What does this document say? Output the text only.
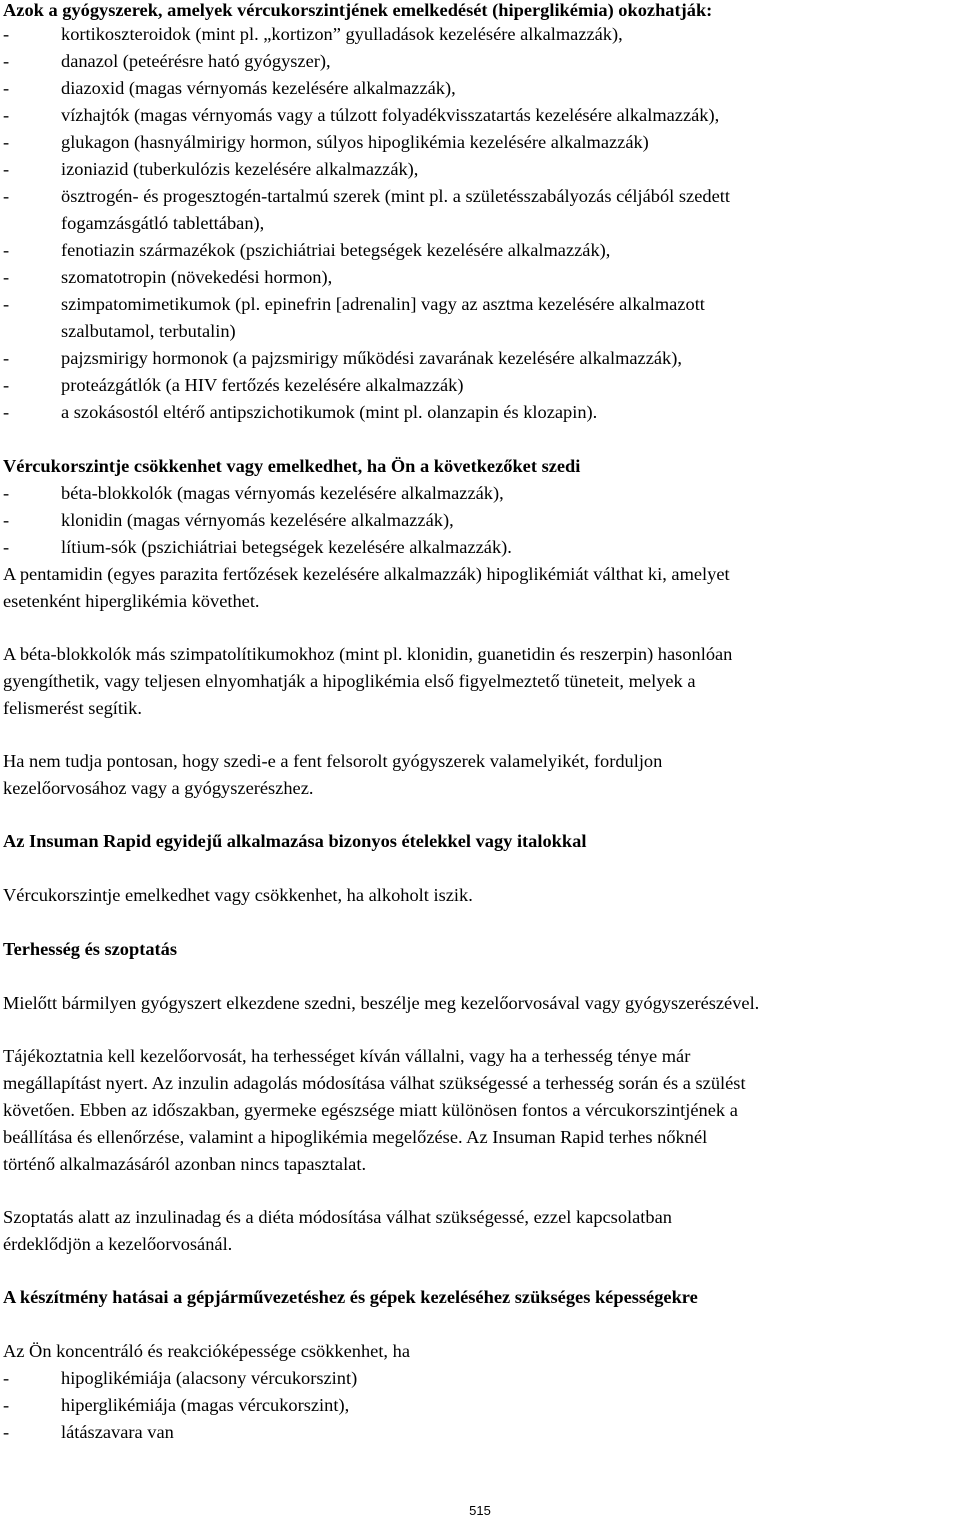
Azok a gyógyszerek, amelyek vércukorszintjének emelkedését (hiperglikémia) okozhatják:
-	kortikoszteroidok (mint pl. „kortizon” gyulladások kezelésére alkalmazzák),
-	danazol (peteérésre ható gyógyszer),
-	diazoxid (magas vérnyomás kezelésére alkalmazzák),
-	vízhajtók (magas vérnyomás vagy a túlzott folyadékvisszatartás kezelésére alkalmazzák),
-	glukagon (hasnyálmirigy hormon, súlyos hipoglikémia kezelésére alkalmazzák)
-	izoniazid (tuberkulózis kezelésére alkalmazzák),
-	ösztrogén- és progesztogén-tartalmú szerek (mint pl. a születésszabályozás céljából szedett
fogamzásgátló tablettában),
-	fenotiazin származékok (pszichiátriai betegségek kezelésére alkalmazzák),
-	szomatotropin (növekedési hormon),
-	szimpatomimetikumok (pl. epinefrin [adrenalin] vagy az asztma kezelésére alkalmazott
szalbutamol, terbutalin)
-	pajzsmirigy hormonok (a pajzsmirigy működési zavarának kezelésére alkalmazzák),
-	proteázgátlók (a HIV fertőzés kezelésére alkalmazzák)
-	a szokásostól eltérő antipszichotikumok (mint pl. olanzapin és klozapin).
Vércukorszintje csökkenhet vagy emelkedhet, ha Ön a következőket szedi
-	béta-blokkolók (magas vérnyomás kezelésére alkalmazzák),
-	klonidin (magas vérnyomás kezelésére alkalmazzák),
-	lítium-sók (pszichiátriai betegségek kezelésére alkalmazzák).
A pentamidin (egyes parazita fertőzések kezelésére alkalmazzák) hipoglikémiát válthat ki, amelyet
esetenként hiperglikémia követhet.
A béta-blokkolók más szimpatolítikumokhoz (mint pl. klonidin, guanetidin és reszerpin) hasonlóan
gyengíthetik, vagy teljesen elnyomhatják a hipoglikémia első figyelmeztető tüneteit, melyek a
felismerést segítik.
Ha nem tudja pontosan, hogy szedi-e a fent felsorolt gyógyszerek valamelyikét, forduljon
kezelőorvosához vagy a gyógyszerészhez.
Az Insuman Rapid egyidejű alkalmazása bizonyos ételekkel vagy italokkal
Vércukorszintje emelkedhet vagy csökkenhet, ha alkoholt iszik.
Terhesség és szoptatás
Mielőtt bármilyen gyógyszert elkezdene szedni, beszélje meg kezelőorvosával vagy gyógyszerészével.
Tájékoztatnia kell kezelőorvosát, ha terhességet kíván vállalni, vagy ha a terhesség ténye már
megállapítást nyert. Az inzulin adagolás módosítása válhat szükségessé a terhesség során és a szülést
követően. Ebben az időszakban, gyermeke egészsége miatt különösen fontos a vércukorszintjének a
beállítása és ellenőrzése, valamint a hipoglikémia megelőzése. Az Insuman Rapid terhes nőknél
történő alkalmazásáról azonban nincs tapasztalat.
Szoptatás alatt az inzulinadag és a diéta módosítása válhat szükségessé, ezzel kapcsolatban
érdeklődjön a kezelőorvosánál.
A készítmény hatásai a gépjárművezetéshez és gépek kezeléséhez szükséges képességekre
Az Ön koncentráló és reakcióképessége csökkenhet, ha
-	hipoglikémiája (alacsony vércukorszint)
-	hiperglikémiája (magas vércukorszint),
-	látászavara van
515
